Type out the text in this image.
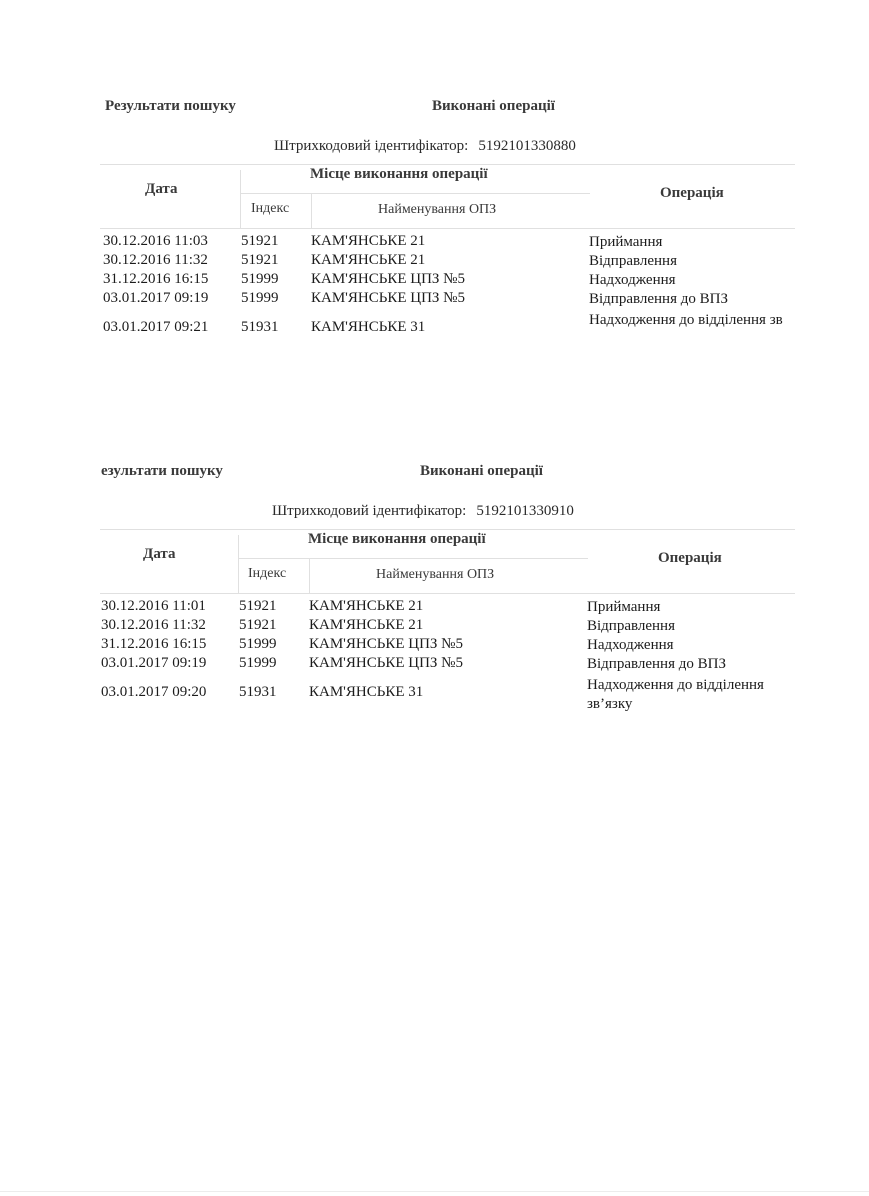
Результати пошуку	Виконані операції
Штрихкодовий ідентифікатор: 5192101330880
Дата
Місце виконання операції
Індекс	Найменування ОПЗ
Операція
30.12.2016 11:03 51921 КАМ'ЯНСЬКЕ 21	Приймання
30.12.2016 11:32 51921 КАМ'ЯНСЬКЕ 21	Відправлення
31.12.2016 16:15 51999 КАМ'ЯНСЬКЕ ЦПЗ №5	Надходження
03.01.2017 09:19 51999 КАМ'ЯНСЬКЕ ЦПЗ №5	Відправлення до ВПЗ
03.01.2017 09:21 51931 КАМ'ЯНСЬКЕ 31	Надходження до відділення зв
езультати пошуку	Виконані операції
Штрихкодовий ідентифікатор: 5192101330910
Дата
Місце виконання операції
Індекс	Найменування ОПЗ
Операція
30.12.2016 11:01 51921 КАМ'ЯНСЬКЕ 21	Приймання
30.12.2016 11:32 51921 КАМ'ЯНСЬКЕ 21	Відправлення
31.12.2016 16:15 51999 КАМ'ЯНСЬКЕ ЦПЗ №5	Надходження
03.01.2017 09:19 51999 КАМ'ЯНСЬКЕ ЦПЗ №5	Відправлення до ВПЗ
03.01.2017 09:20 51931 КАМ'ЯНСЬКЕ 31	Надходження до відділення зв’язку
